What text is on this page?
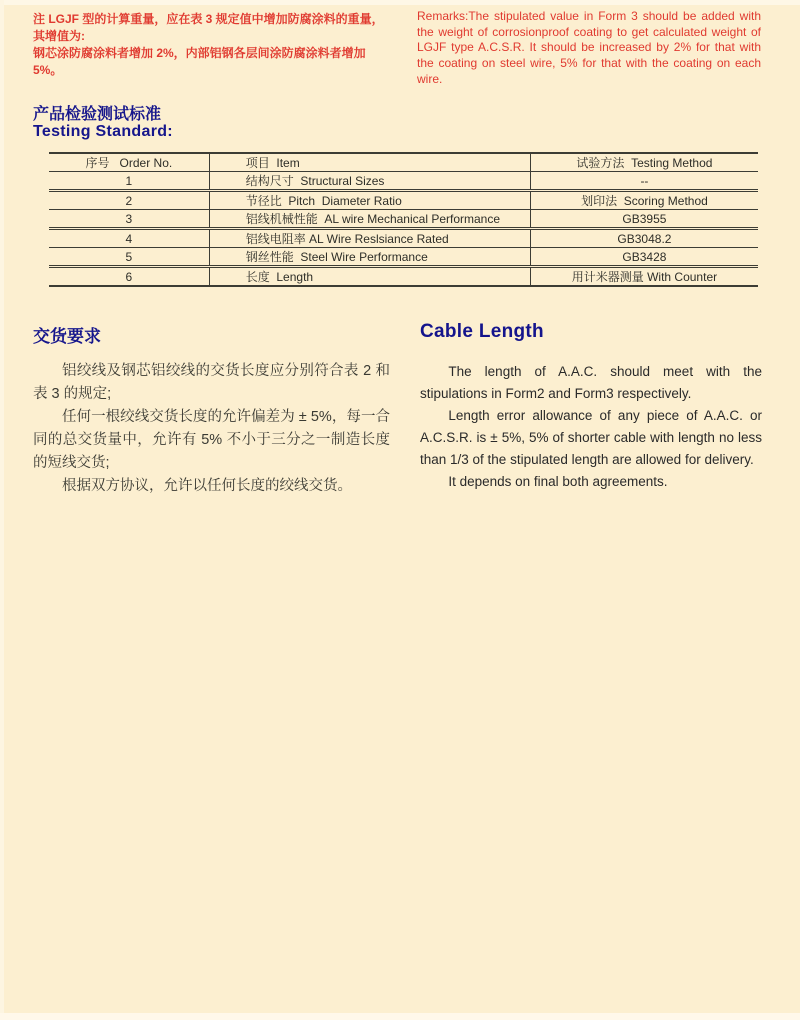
注 LGJF 型的计算重量，应在表 3 规定值中增加防腐涂料的重量，其增值为:
钢芯涂防腐涂料者增加 2%，内部铝钢各层间涂防腐涂料者增加 5%。
Remarks:The stipulated value in Form 3 should be added with the weight of corrosionproof coating to get calculated weight of LGJF type A.C.S.R. It should be increased by 2% for that with the coating on steel wire, 5% for that with the coating on each wire.
产品检验测试标准
Testing Standard:
序号   Order No.	项目  Item	试验方法  Testing Method
1	结构尺寸  Structural Sizes	--
2	节径比  Pitch  Diameter Ratio	划印法  Scoring Method
3	铝线机械性能  AL wire Mechanical Performance	GB3955
4	铝线电阻率 AL Wire Reslsiance Rated	GB3048.2
5	钢丝性能  Steel Wire Performance	GB3428
6	长度  Length	用计米器测量 With Counter
交货要求	Cable Length

铝绞线及钢芯铝绞线的交货长度应分别符合表 2 和表 3 的规定;

任何一根绞线交货长度的允许偏差为 ± 5%，每一合同的总交货量中，允许有 5% 不小于三分之一制造长度的短线交货;

根据双方协议，允许以任何长度的绞线交货。

The length of A.A.C. should meet with the stipulations in Form2 and Form3 respectively.

Length error allowance of any piece of A.A.C. or A.C.S.R. is ± 5%, 5% of shorter cable with length no less than 1/3 of the stipulated length are allowed for delivery.

It depends on final both agreements.
